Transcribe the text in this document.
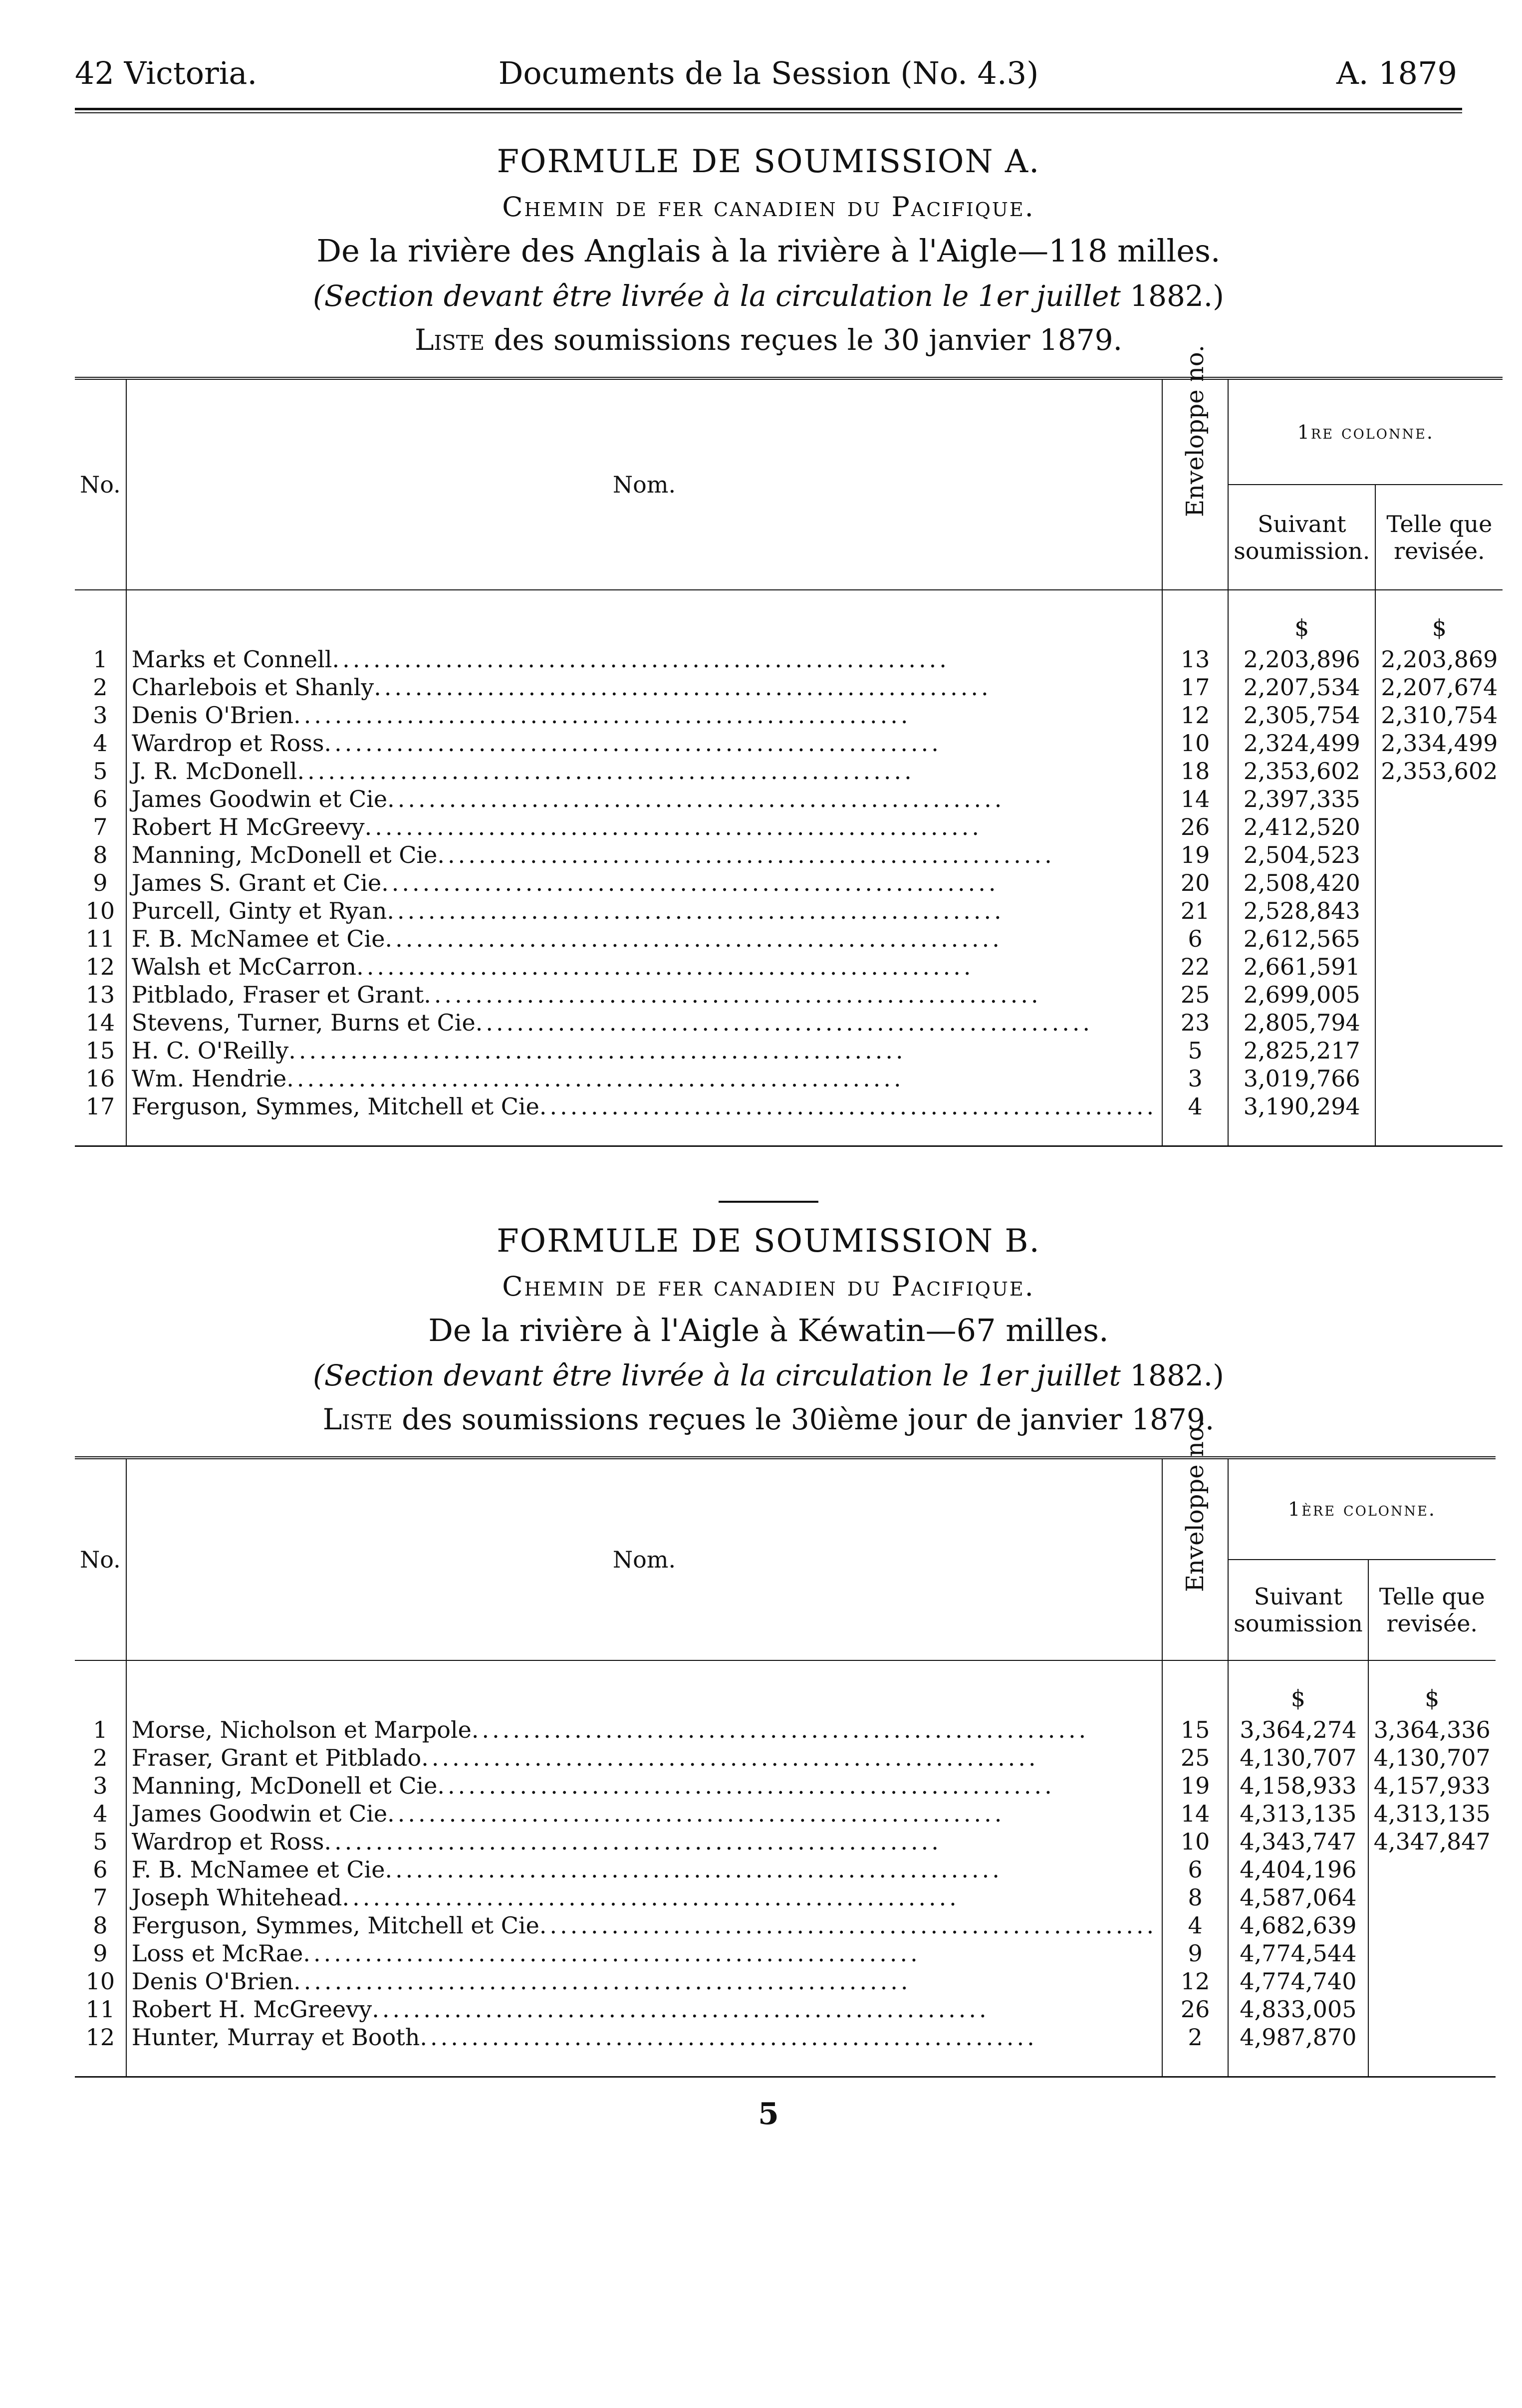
42 Victoria.	Documents de la Session (No. 4.3)	A. 1879
FORMULE DE SOUMISSION A.
Chemin de fer canadien du Pacifique.
De la rivière des Anglais à la rivière à l'Aigle—118 milles.
(Section devant être livrée à la circulation le 1er juillet 1882.)
Liste des soumissions reçues le 30 janvier 1879.
No.	Nom.	Enveloppe no.	1re colonne.	
			Suivant soumission.	Telle que revisée.
			$	$
1	Marks et Connell............................................................	13	2,203,896	2,203,869
2	Charlebois et Shanly............................................................	17	2,207,534	2,207,674
3	Denis O'Brien............................................................	12	2,305,754	2,310,754
4	Wardrop et Ross............................................................	10	2,324,499	2,334,499
5	J. R. McDonell............................................................	18	2,353,602	2,353,602
6	James Goodwin et Cie............................................................	14	2,397,335	
7	Robert H McGreevy............................................................	26	2,412,520	
8	Manning, McDonell et Cie............................................................	19	2,504,523	
9	James S. Grant et Cie............................................................	20	2,508,420	
10	Purcell, Ginty et Ryan............................................................	21	2,528,843	
11	F. B. McNamee et Cie............................................................	6	2,612,565	
12	Walsh et McCarron............................................................	22	2,661,591	
13	Pitblado, Fraser et Grant............................................................	25	2,699,005	
14	Stevens, Turner, Burns et Cie............................................................	23	2,805,794	
15	H. C. O'Reilly............................................................	5	2,825,217	
16	Wm. Hendrie............................................................	3	3,019,766	
17	Ferguson, Symmes, Mitchell et Cie............................................................	4	3,190,294	

FORMULE DE SOUMISSION B.
Chemin de fer canadien du Pacifique.
De la rivière à l'Aigle à Kéwatin—67 milles.
(Section devant être livrée à la circulation le 1er juillet 1882.)
Liste des soumissions reçues le 30ième jour de janvier 1879.
No.	Nom.	Enveloppe no.	1ère colonne.	
			Suivant soumission	Telle que revisée.
			$	$
1	Morse, Nicholson et Marpole............................................................	15	3,364,274	3,364,336
2	Fraser, Grant et Pitblado............................................................	25	4,130,707	4,130,707
3	Manning, McDonell et Cie............................................................	19	4,158,933	4,157,933
4	James Goodwin et Cie............................................................	14	4,313,135	4,313,135
5	Wardrop et Ross............................................................	10	4,343,747	4,347,847
6	F. B. McNamee et Cie............................................................	6	4,404,196	
7	Joseph Whitehead............................................................	8	4,587,064	
8	Ferguson, Symmes, Mitchell et Cie............................................................	4	4,682,639	
9	Loss et McRae............................................................	9	4,774,544	
10	Denis O'Brien............................................................	12	4,774,740	
11	Robert H. McGreevy............................................................	26	4,833,005	
12	Hunter, Murray et Booth............................................................	2	4,987,870	

5
